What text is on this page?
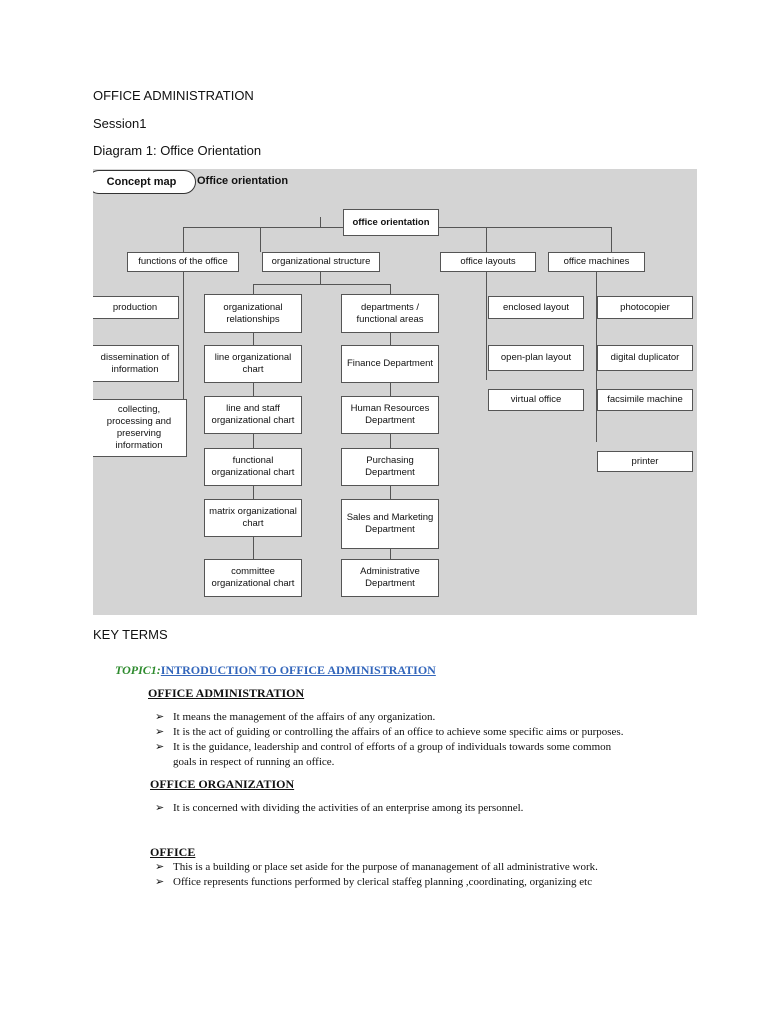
OFFICE ADMINISTRATION
Session1
Diagram 1: Office Orientation
Concept map	Office orientation
office orientation
functions of the office	organizational structure	office layouts	office machines
production
dissemination of information
collecting, processing and preserving information
organizational relationships
line organizational chart
line and staff organizational chart
functional organizational chart
matrix organizational chart
committee organizational chart
departments / functional areas
Finance Department
Human Resources Department
Purchasing Department
Sales and Marketing Department
Administrative Department
enclosed layout
open-plan layout
virtual office
photocopier
digital duplicator
facsimile machine
printer
KEY TERMS
TOPIC1:INTRODUCTION TO OFFICE ADMINISTRATION
OFFICE ADMINISTRATION
➢ It means the management of the affairs of any organization.
➢ It is the act of guiding or controlling the affairs of an office to achieve some specific aims or purposes.
➢ It is the guidance, leadership and control of efforts of a group of individuals towards some common
goals in respect of running an office.
OFFICE ORGANIZATION
➢ It is concerned with dividing the activities of an enterprise among its personnel.
OFFICE
➢ This is a building or place set aside for the purpose of mananagement of all administrative work.
➢ Office represents functions performed by clerical staffeg planning ,coordinating, organizing etc
